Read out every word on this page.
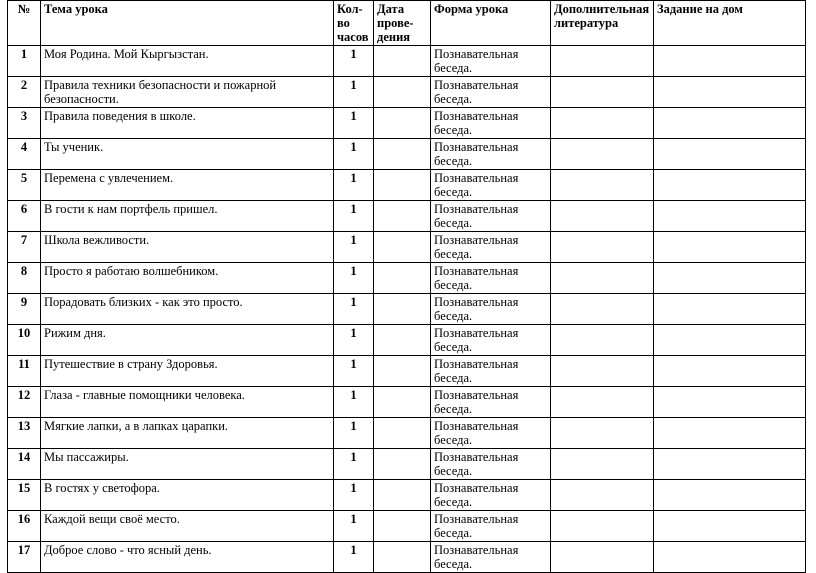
№	Тема урока	Кол-во часов	Дата прове-дения	Форма урока	Дополнительная литература	Задание на дом
1	Моя Родина. Мой Кыргызстан.	1		Познавательная беседа.		
2	Правила техники безопасности и пожарной безопасности.	1		Познавательная беседа.		
3	Правила поведения в школе.	1		Познавательная беседа.		
4	Ты ученик.	1		Познавательная беседа.		
5	Перемена с увлечением.	1		Познавательная беседа.		
6	В гости к нам портфель пришел.	1		Познавательная беседа.		
7	Школа вежливости.	1		Познавательная беседа.		
8	Просто я работаю волшебником.	1		Познавательная беседа.		
9	Порадовать близких - как это просто.	1		Познавательная беседа.		
10	Рижим дня.	1		Познавательная беседа.		
11	Путешествие в страну Здоровья.	1		Познавательная беседа.		
12	Глаза - главные помощники человека.	1		Познавательная беседа.		
13	Мягкие лапки, а в лапках царапки.	1		Познавательная беседа.		
14	Мы пассажиры.	1		Познавательная беседа.		
15	В гостях у светофора.	1		Познавательная беседа.		
16	Каждой вещи своё место.	1		Познавательная беседа.		
17	Доброе слово - что ясный день.	1		Познавательная беседа.		
